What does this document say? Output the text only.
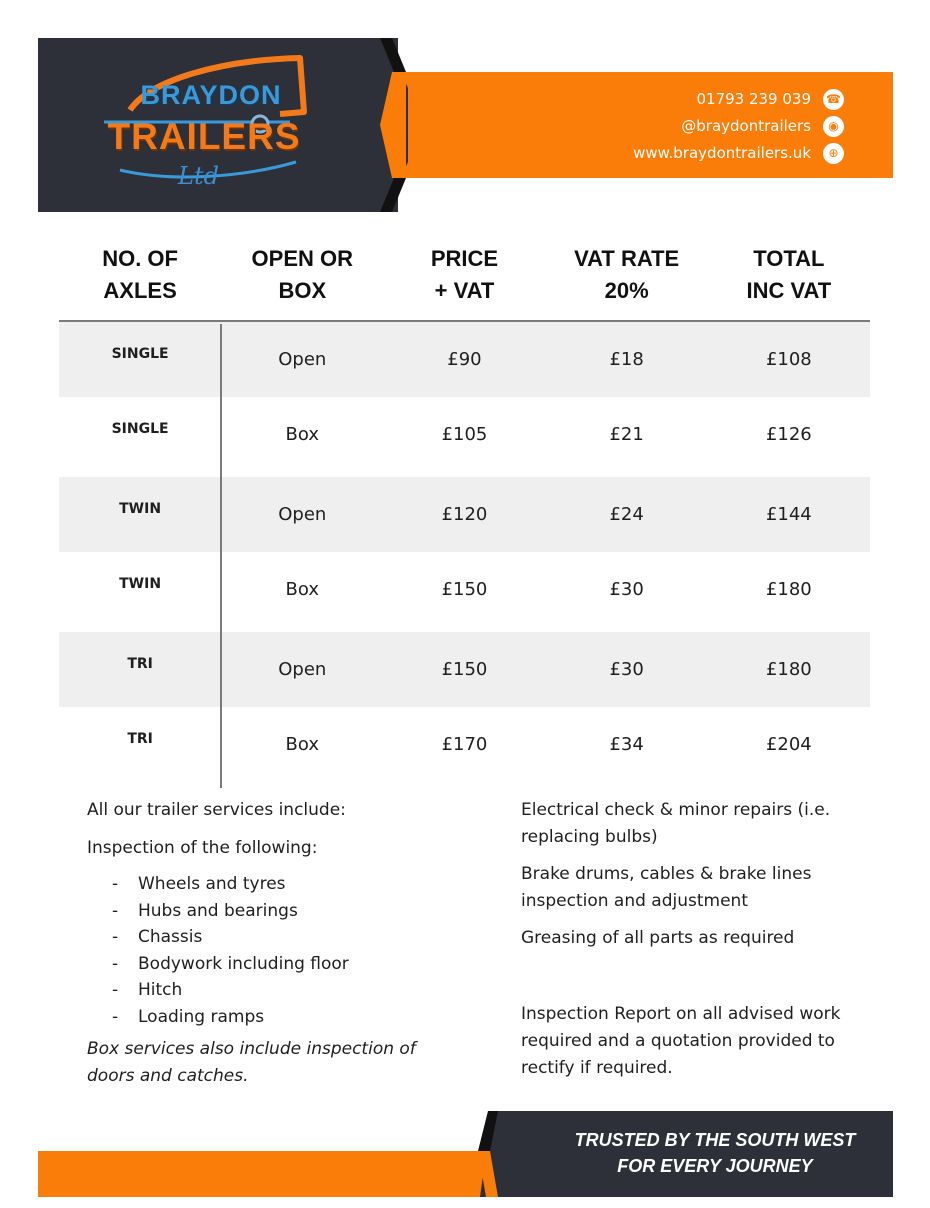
BRAYDON
TRAILERS
Ltd
01793 239 039 ☎
@braydontrailers	◉
www.braydontrailers.uk	⊕
NO. OF
AXLES
OPEN OR
BOX
PRICE
+ VAT
VAT RATE
20%
TOTAL
INC VAT
SINGLE	Open	£90	£18	£108
SINGLE	Box	£105	£21	£126
TWIN	Open	£120	£24	£144
TWIN	Box	£150	£30	£180
TRI	Open	£150	£30	£180
TRI	Box	£170	£34	£204
All our trailer services include:
Inspection of the following:
-	Wheels and tyres
-	Hubs and bearings
-	Chassis
-	Bodywork including floor
-	Hitch
-	Loading ramps
Box services also include inspection of doors and catches.
Electrical check & minor repairs (i.e. replacing bulbs)
Brake drums, cables & brake lines inspection and adjustment
Greasing of all parts as required
Inspection Report on all advised work required and a quotation provided to rectify if required.
TRUSTED BY THE SOUTH WEST
FOR EVERY JOURNEY
